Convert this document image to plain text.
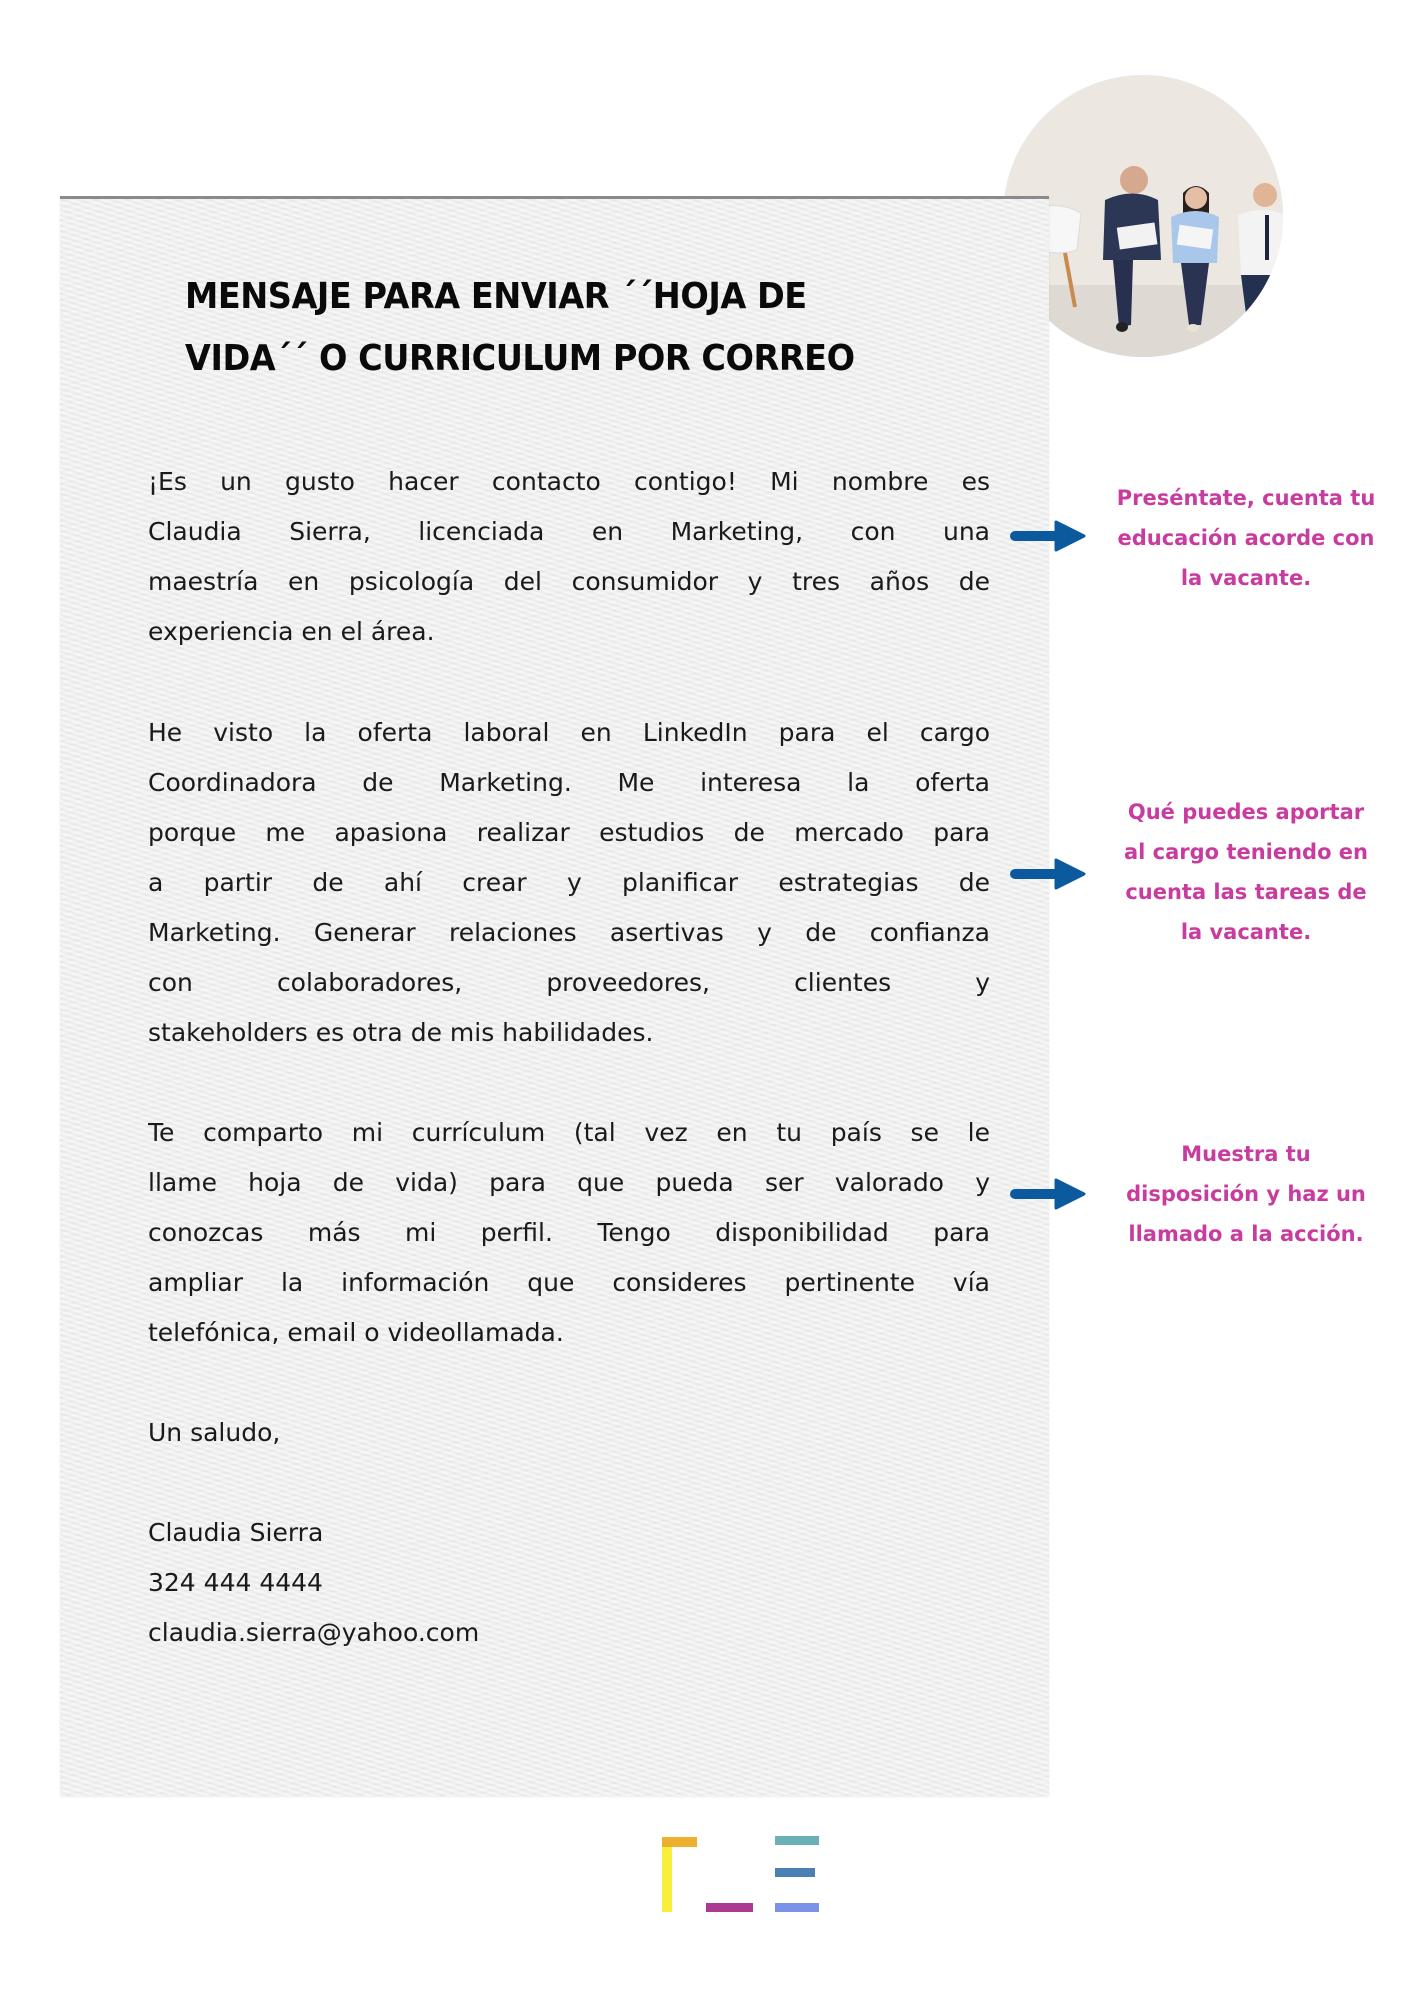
MENSAJE PARA ENVIAR ´´HOJA DE
VIDA´´ O CURRICULUM POR CORREO
¡Es un gusto hacer contacto contigo! Mi nombre es
Claudia Sierra, licenciada en Marketing, con una
maestría en psicología del consumidor y tres años de
experiencia en el área.
He visto la oferta laboral en LinkedIn para el cargo
Coordinadora de Marketing. Me interesa la oferta
porque me apasiona realizar estudios de mercado para
a partir de ahí crear y planificar estrategias de
Marketing. Generar relaciones asertivas y de confianza
con colaboradores, proveedores, clientes y
stakeholders es otra de mis habilidades.
Te comparto mi currículum (tal vez en tu país se le
llame hoja de vida) para que pueda ser valorado y
conozcas más mi perfil. Tengo disponibilidad para
ampliar la información que consideres pertinente vía
telefónica, email o videollamada.
Un saludo,
Claudia Sierra
324 444 4444
claudia.sierra@yahoo.com
Preséntate, cuenta tu
educación acorde con
la vacante.
Qué puedes aportar
al cargo teniendo en
cuenta las tareas de
la vacante.
Muestra tu
disposición y haz un
llamado a la acción.
